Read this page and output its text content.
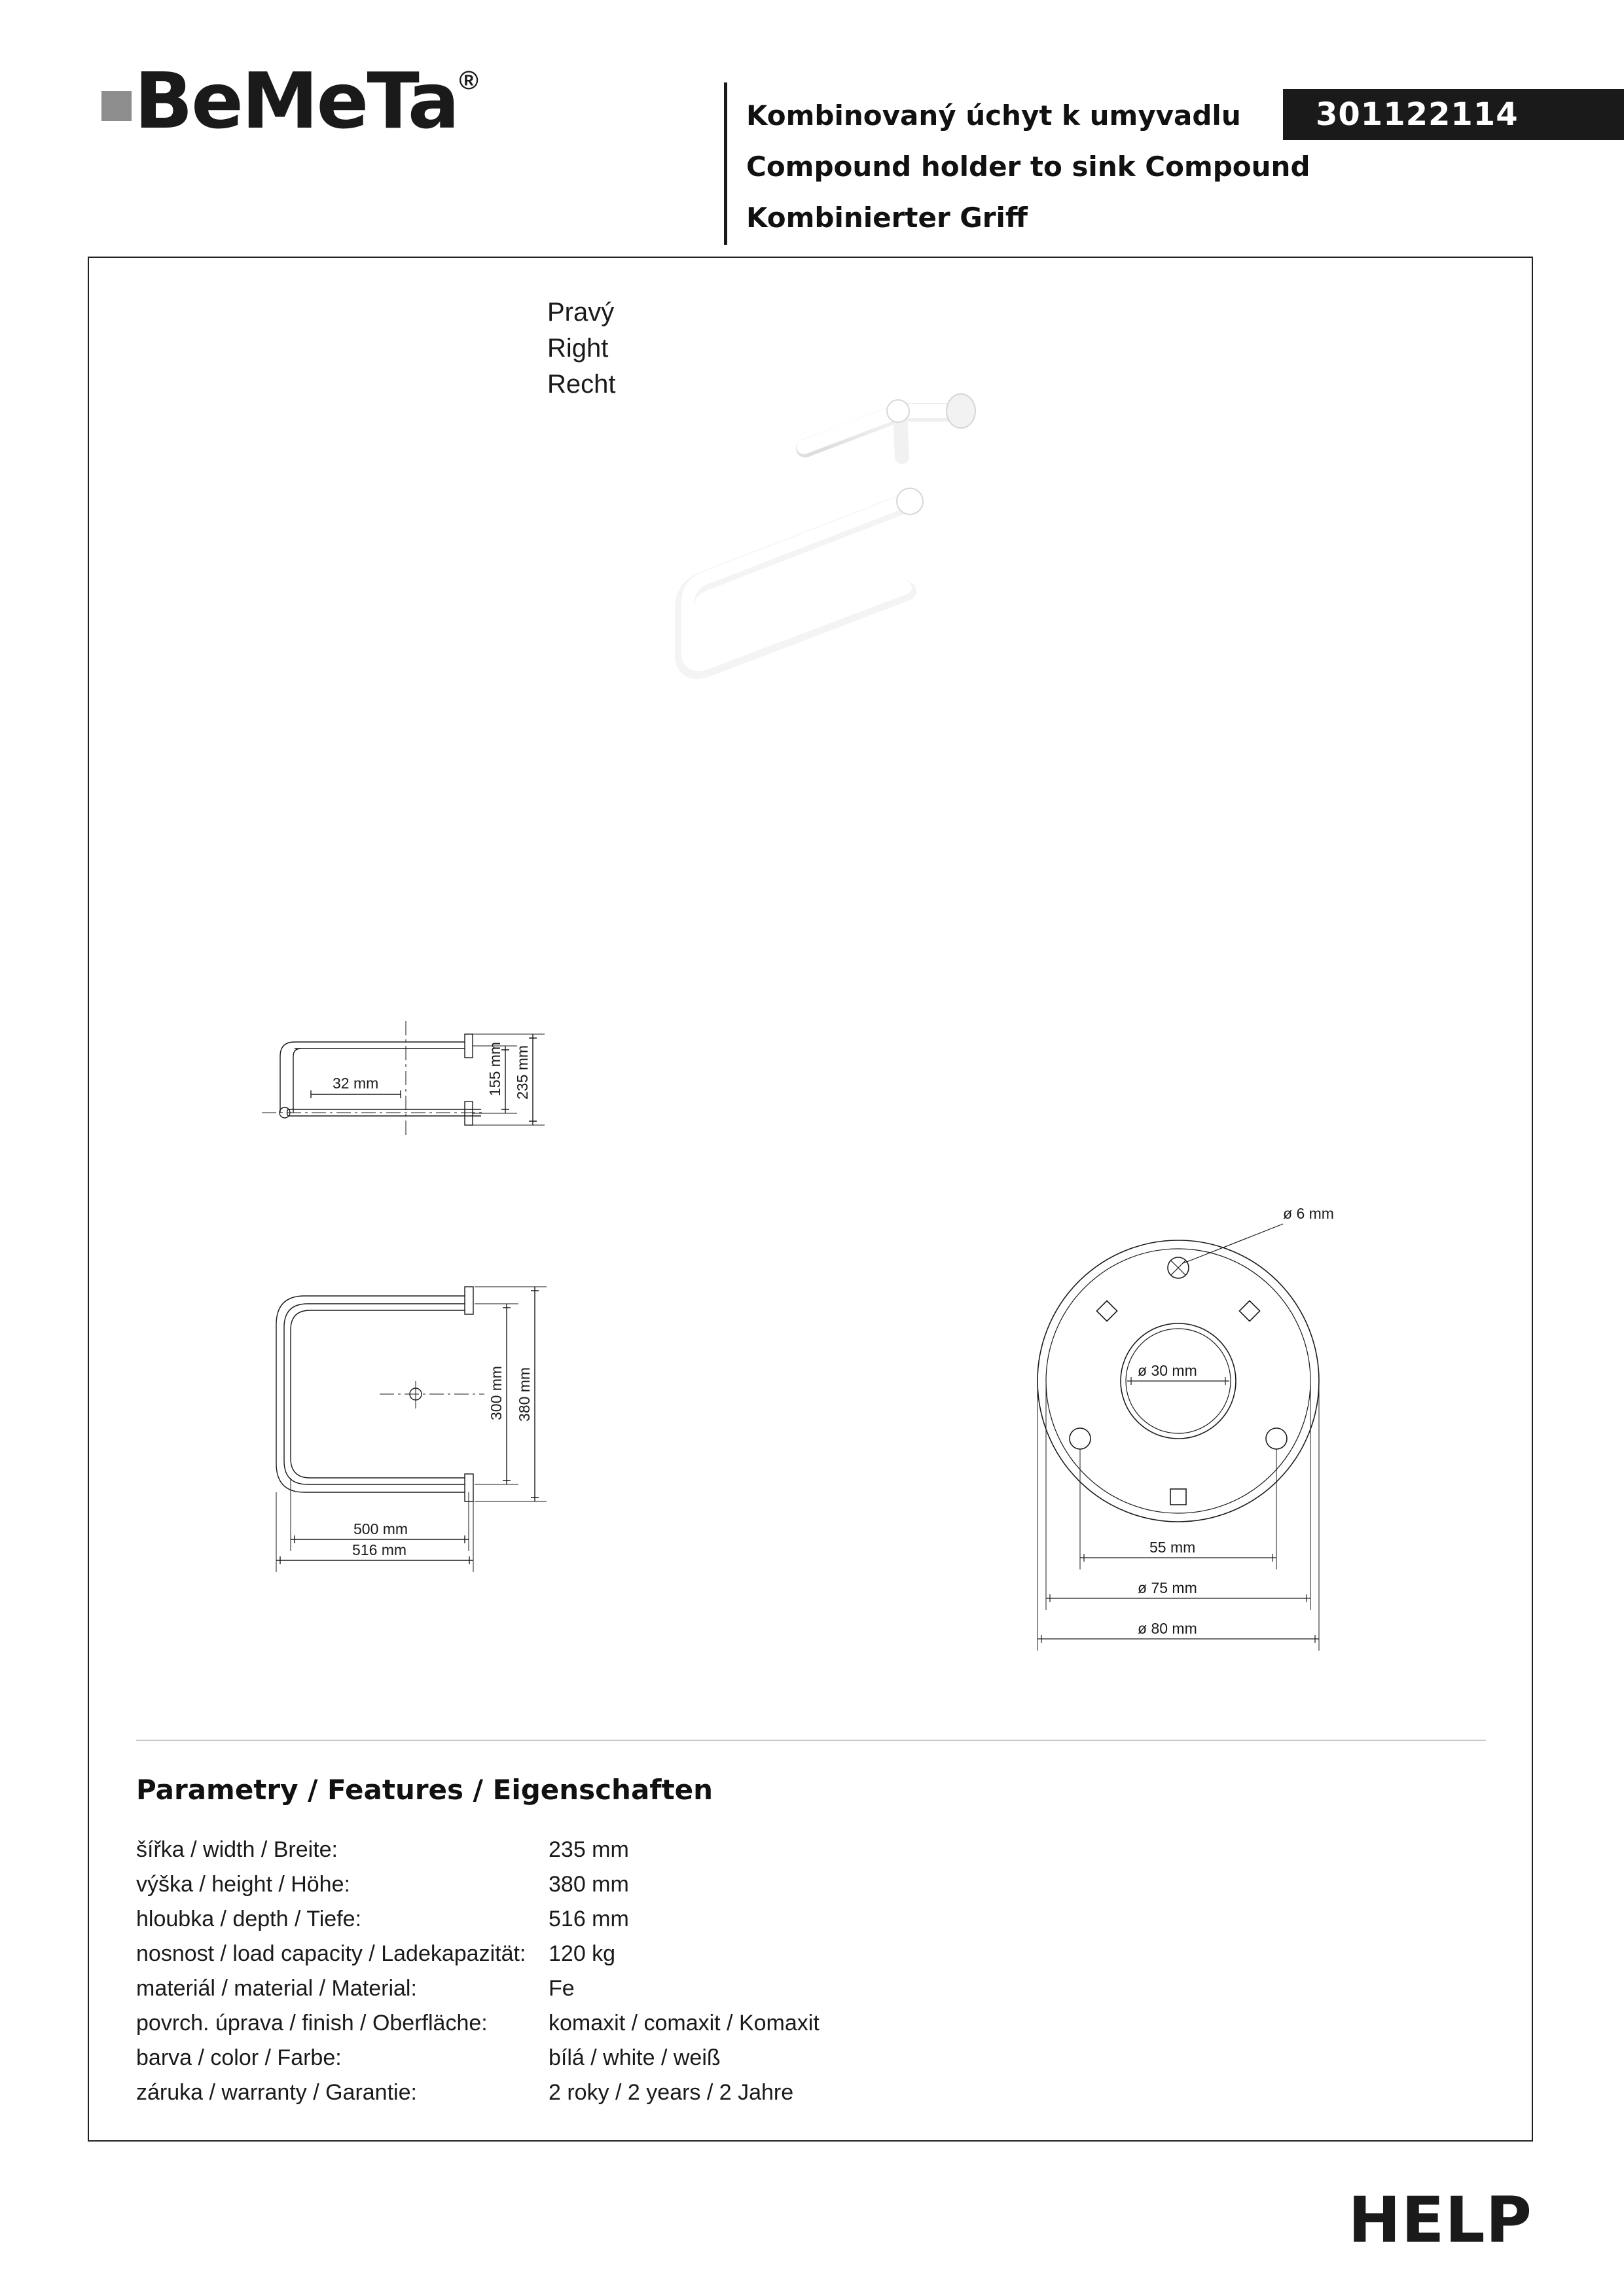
BeMeTa®
Kombinovaný úchyt k umyvadlu
Compound holder to sink Compound
Kombinierter Griff
301122114
Pravý
Right
Recht
32 mm	155 mm 235 mm
300 mm 380 mm
500 mm
516 mm
ø 6 mm
ø 30 mm
55 mm
ø 75 mm
ø 80 mm
Parametry / Features / Eigenschaften
šířka / width / Breite:	235 mm
výška / height / Höhe:	380 mm
hloubka / depth / Tiefe:	516 mm
nosnost / load capacity / Ladekapazität:	120 kg
materiál / material / Material:	Fe
povrch. úprava / finish / Oberfläche:	komaxit / comaxit / Komaxit
barva / color / Farbe:	bílá / white / weiß
záruka / warranty / Garantie:	2 roky / 2 years / 2 Jahre
HELP
